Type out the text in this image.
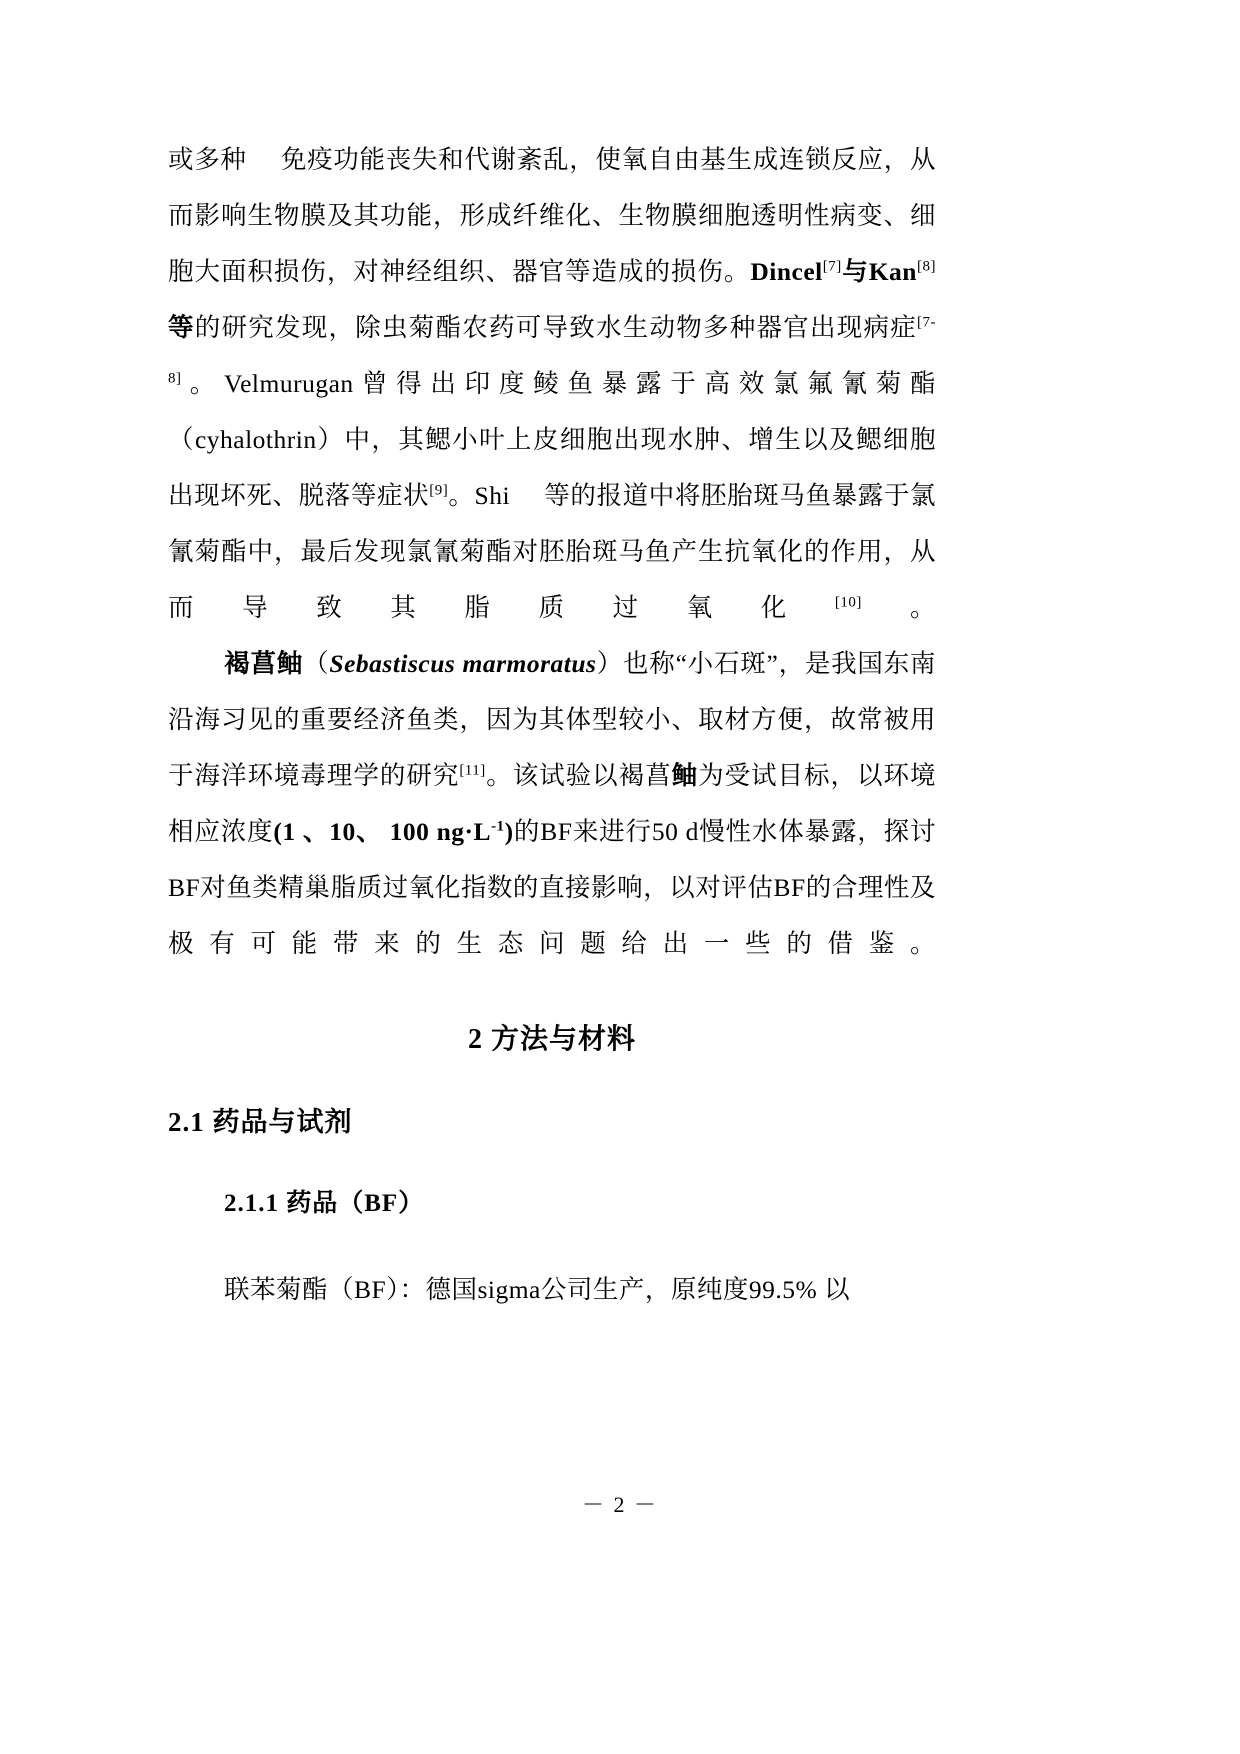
或多种 免疫功能丧失和代谢紊乱，使氧自由基生成连锁反应，从而影响生物膜及其功能，形成纤维化、生物膜细胞透明性病变、细胞大面积损伤，对神经组织、器官等造成的损伤。Dincel[7]与Kan[8]等的研究发现，除虫菊酯农药可导致水生动物多种器官出现病症[7-8]。Velmurugan曾得出印度鲮鱼暴露于高效氯氟氰菊酯（cyhalothrin）中，其鳃小叶上皮细胞出现水肿、增生以及鳃细胞出现坏死、脱落等症状[9]。Shi 等的报道中将胚胎斑马鱼暴露于氯氰菊酯中，最后发现氯氰菊酯对胚胎斑马鱼产生抗氧化的作用，从而导致其脂质过氧化[10]。

褐菖鲉（Sebastiscus marmoratus）也称“小石斑”，是我国东南沿海习见的重要经济鱼类，因为其体型较小、取材方便，故常被用于海洋环境毒理学的研究[11]。该试验以褐菖鲉为受试目标，以环境相应浓度(1 、10、 100 $ng\cdot L^{-1}$)的BF来进行50 d慢性水体暴露，探讨BF对鱼类精巢脂质过氧化指数的直接影响，以对评估BF的合理性及极有可能带来的生态问题给出一些的借鉴。

2 方法与材料
2.1 药品与试剂
2.1.1 药品（BF）

联苯菊酯（BF）：德国sigma公司生产，原纯度99.5% 以

－ 2 －
